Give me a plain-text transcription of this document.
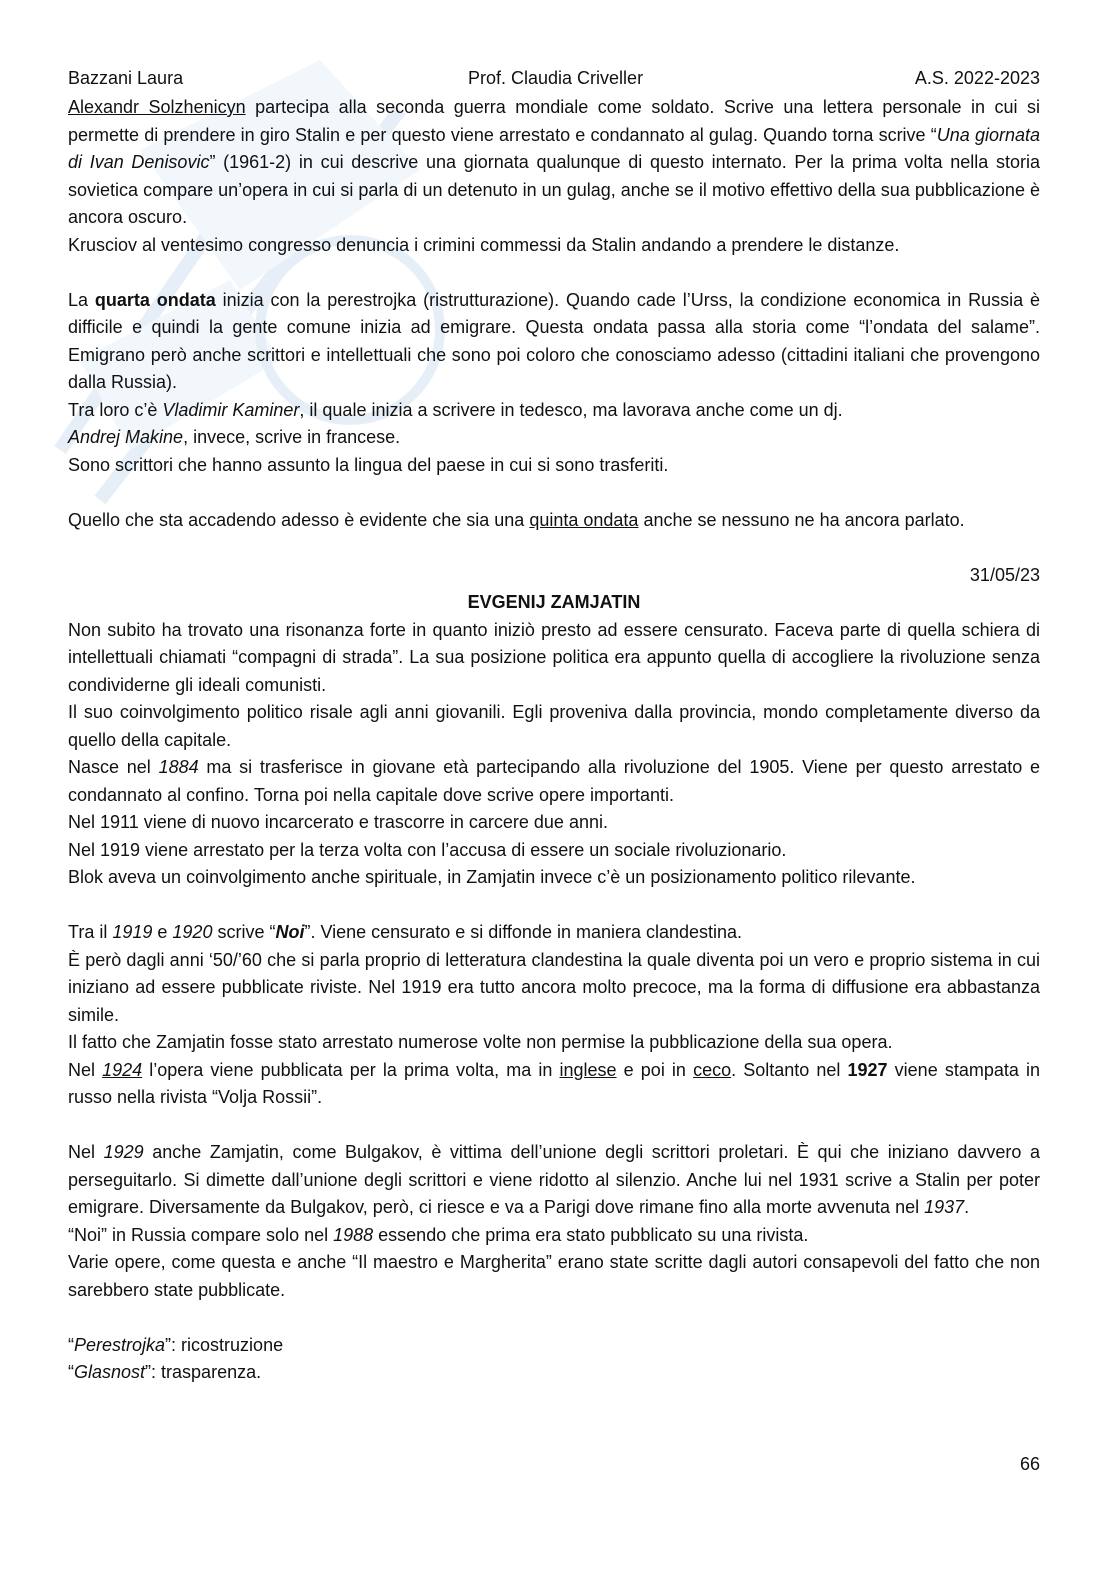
Bazzani Laura	Prof. Claudia Criveller	A.S. 2022-2023

Alexandr Solzhenicyn partecipa alla seconda guerra mondiale come soldato. Scrive una lettera personale in cui si permette di prendere in giro Stalin e per questo viene arrestato e condannato al gulag. Quando torna scrive “Una giornata di Ivan Denisovic” (1961-2) in cui descrive una giornata qualunque di questo internato. Per la prima volta nella storia sovietica compare un’opera in cui si parla di un detenuto in un gulag, anche se il motivo effettivo della sua pubblicazione è ancora oscuro.

Krusciov al ventesimo congresso denuncia i crimini commessi da Stalin andando a prendere le distanze.

La quarta ondata inizia con la perestrojka (ristrutturazione). Quando cade l’Urss, la condizione economica in Russia è difficile e quindi la gente comune inizia ad emigrare. Questa ondata passa alla storia come “l’ondata del salame”. Emigrano però anche scrittori e intellettuali che sono poi coloro che conosciamo adesso (cittadini italiani che provengono dalla Russia).

Tra loro c’è Vladimir Kaminer, il quale inizia a scrivere in tedesco, ma lavorava anche come un dj.

Andrej Makine, invece, scrive in francese.

Sono scrittori che hanno assunto la lingua del paese in cui si sono trasferiti.

Quello che sta accadendo adesso è evidente che sia una quinta ondata anche se nessuno ne ha ancora parlato.

31/05/23

EVGENIJ ZAMJATIN

Non subito ha trovato una risonanza forte in quanto iniziò presto ad essere censurato. Faceva parte di quella schiera di intellettuali chiamati “compagni di strada”. La sua posizione politica era appunto quella di accogliere la rivoluzione senza condividerne gli ideali comunisti.

Il suo coinvolgimento politico risale agli anni giovanili. Egli proveniva dalla provincia, mondo completamente diverso da quello della capitale.

Nasce nel 1884 ma si trasferisce in giovane età partecipando alla rivoluzione del 1905. Viene per questo arrestato e condannato al confino. Torna poi nella capitale dove scrive opere importanti.

Nel 1911 viene di nuovo incarcerato e trascorre in carcere due anni.

Nel 1919 viene arrestato per la terza volta con l’accusa di essere un sociale rivoluzionario.

Blok aveva un coinvolgimento anche spirituale, in Zamjatin invece c’è un posizionamento politico rilevante.

Tra il 1919 e 1920 scrive “Noi”. Viene censurato e si diffonde in maniera clandestina.

È però dagli anni ‘50/’60 che si parla proprio di letteratura clandestina la quale diventa poi un vero e proprio sistema in cui iniziano ad essere pubblicate riviste. Nel 1919 era tutto ancora molto precoce, ma la forma di diffusione era abbastanza simile.

Il fatto che Zamjatin fosse stato arrestato numerose volte non permise la pubblicazione della sua opera.

Nel 1924 l’opera viene pubblicata per la prima volta, ma in inglese e poi in ceco. Soltanto nel 1927 viene stampata in russo nella rivista “Volja Rossii”.

Nel 1929 anche Zamjatin, come Bulgakov, è vittima dell’unione degli scrittori proletari. È qui che iniziano davvero a perseguitarlo. Si dimette dall’unione degli scrittori e viene ridotto al silenzio. Anche lui nel 1931 scrive a Stalin per poter emigrare. Diversamente da Bulgakov, però, ci riesce e va a Parigi dove rimane fino alla morte avvenuta nel 1937.

“Noi” in Russia compare solo nel 1988 essendo che prima era stato pubblicato su una rivista.

Varie opere, come questa e anche “Il maestro e Margherita” erano state scritte dagli autori consapevoli del fatto che non sarebbero state pubblicate.

“Perestrojka”: ricostruzione

“Glasnost”: trasparenza.

66
